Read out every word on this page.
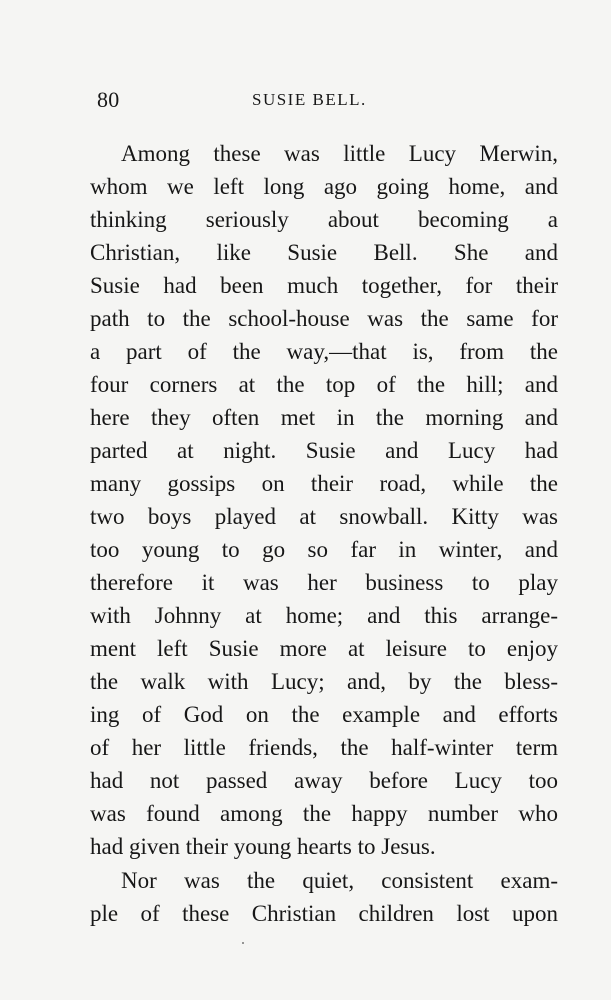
80	SUSIE BELL.
Among these was little Lucy Merwin,
whom we left long ago going home, and
thinking seriously about becoming a
Christian, like Susie Bell. She and
Susie had been much together, for their
path to the school-house was the same for
a part of the way,—that is, from the
four corners at the top of the hill; and
here they often met in the morning and
parted at night. Susie and Lucy had
many gossips on their road, while the
two boys played at snowball. Kitty was
too young to go so far in winter, and
therefore it was her business to play
with Johnny at home; and this arrange-
ment left Susie more at leisure to enjoy
the walk with Lucy; and, by the bless-
ing of God on the example and efforts
of her little friends, the half-winter term
had not passed away before Lucy too
was found among the happy number who
had given their young hearts to Jesus.
Nor was the quiet, consistent exam-
ple of these Christian children lost upon
